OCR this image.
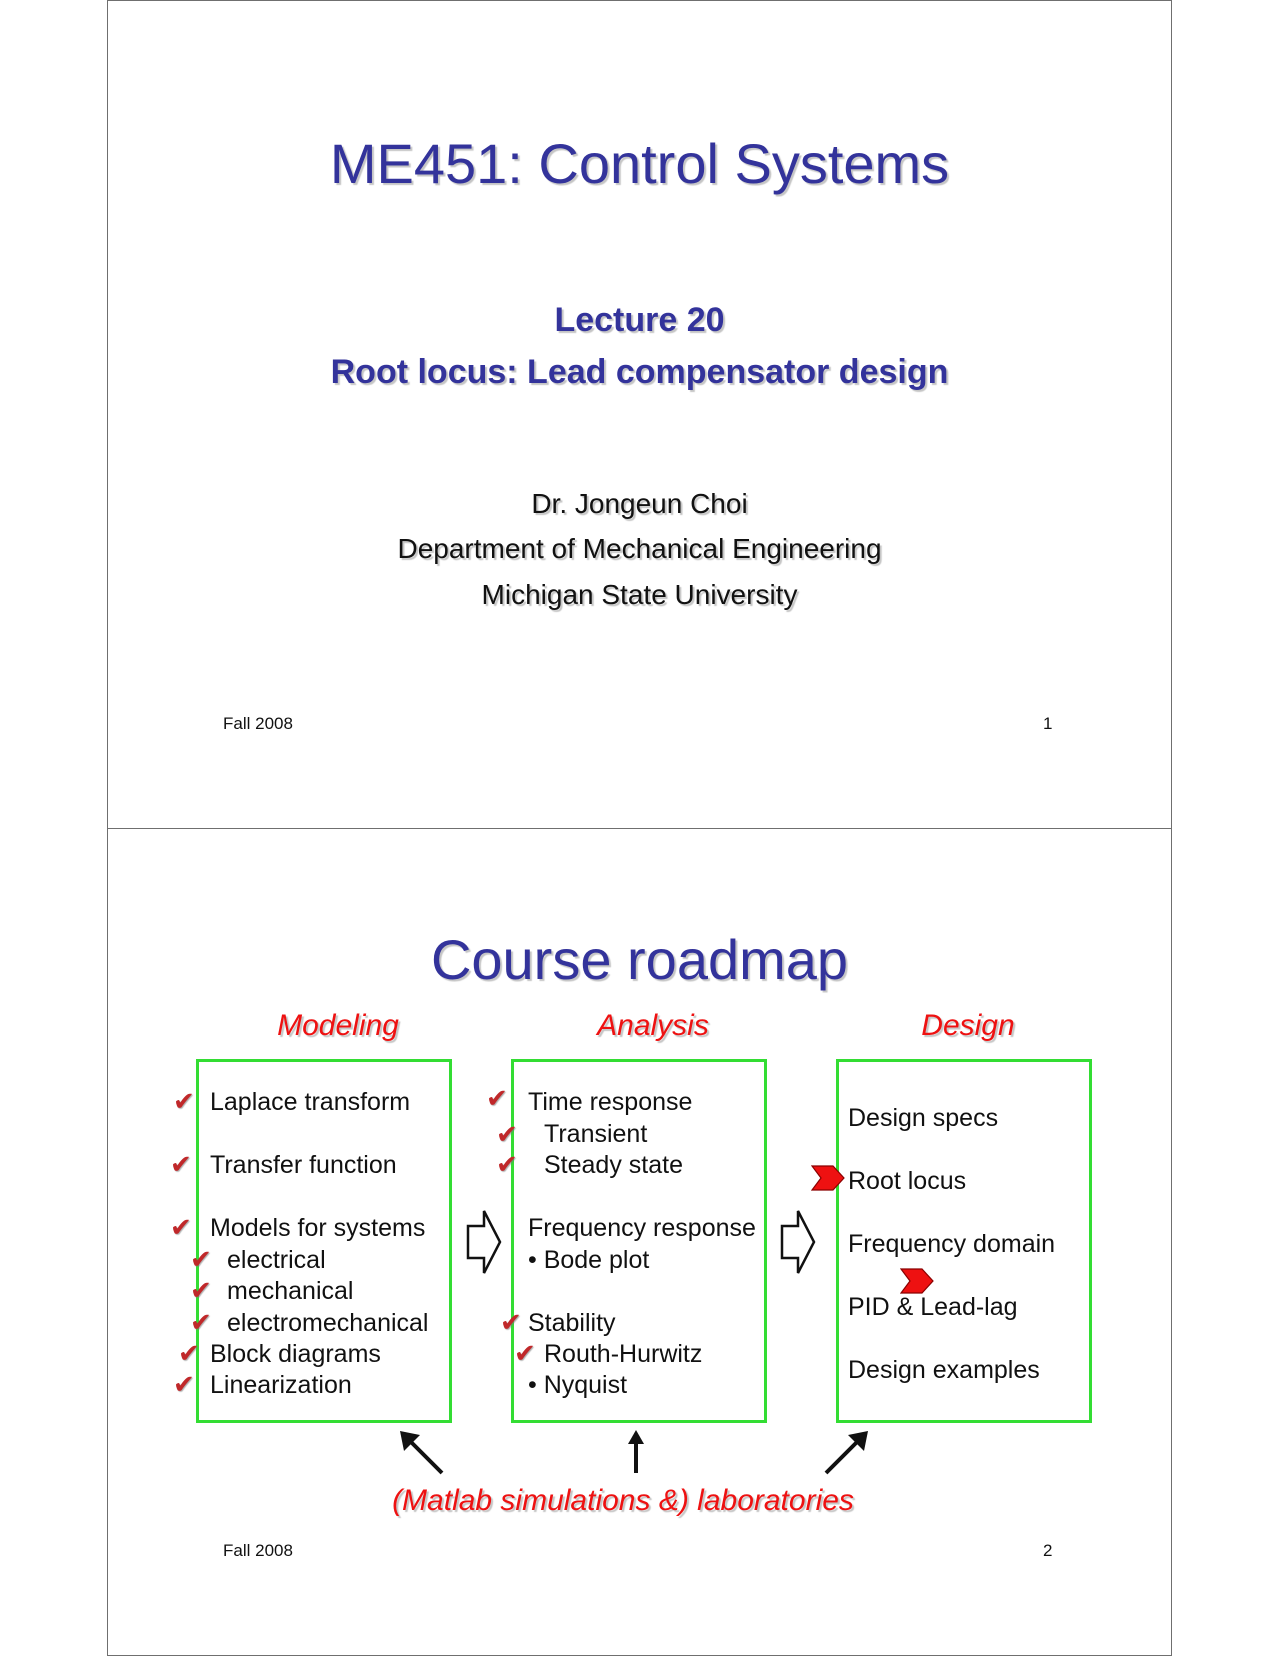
ME451: Control Systems
Lecture 20
Root locus: Lead compensator design
Dr. Jongeun Choi
Department of Mechanical Engineering
Michigan State University
Fall 2008	1
Course roadmap
Modeling	Analysis	Design
✔ Laplace transform
✔ Transfer function
✔ Models for systems
✔ electrical
✔ mechanical
✔ electromechanical
✔ Block diagrams
✔ Linearization
✔ Time response
✔ Transient
✔ Steady state
Frequency response
• Bode plot
✔ Stability
✔ Routh-Hurwitz
• Nyquist
Design specs
Root locus
Frequency domain
PID & Lead-lag
Design examples
(Matlab simulations &) laboratories
Fall 2008	2
